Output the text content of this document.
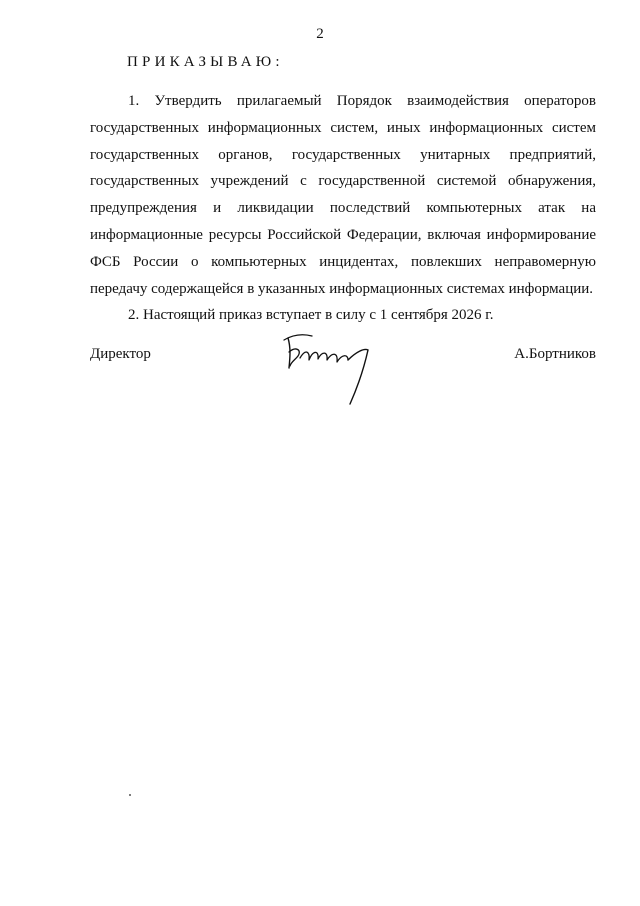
2
ПРИКАЗЫВАЮ:

1. Утвердить прилагаемый Порядок взаимодействия операторов государственных информационных систем, иных информационных систем государственных органов, государственных унитарных предприятий, государственных учреждений с государственной системой обнаружения, предупреждения и ликвидации последствий компьютерных атак на информационные ресурсы Российской Федерации, включая информирование ФСБ России о компьютерных инцидентах, повлекших неправомерную передачу содержащейся в указанных информационных системах информации.

2. Настоящий приказ вступает в силу с 1 сентября 2026 г.

Директор	А.Бортников
